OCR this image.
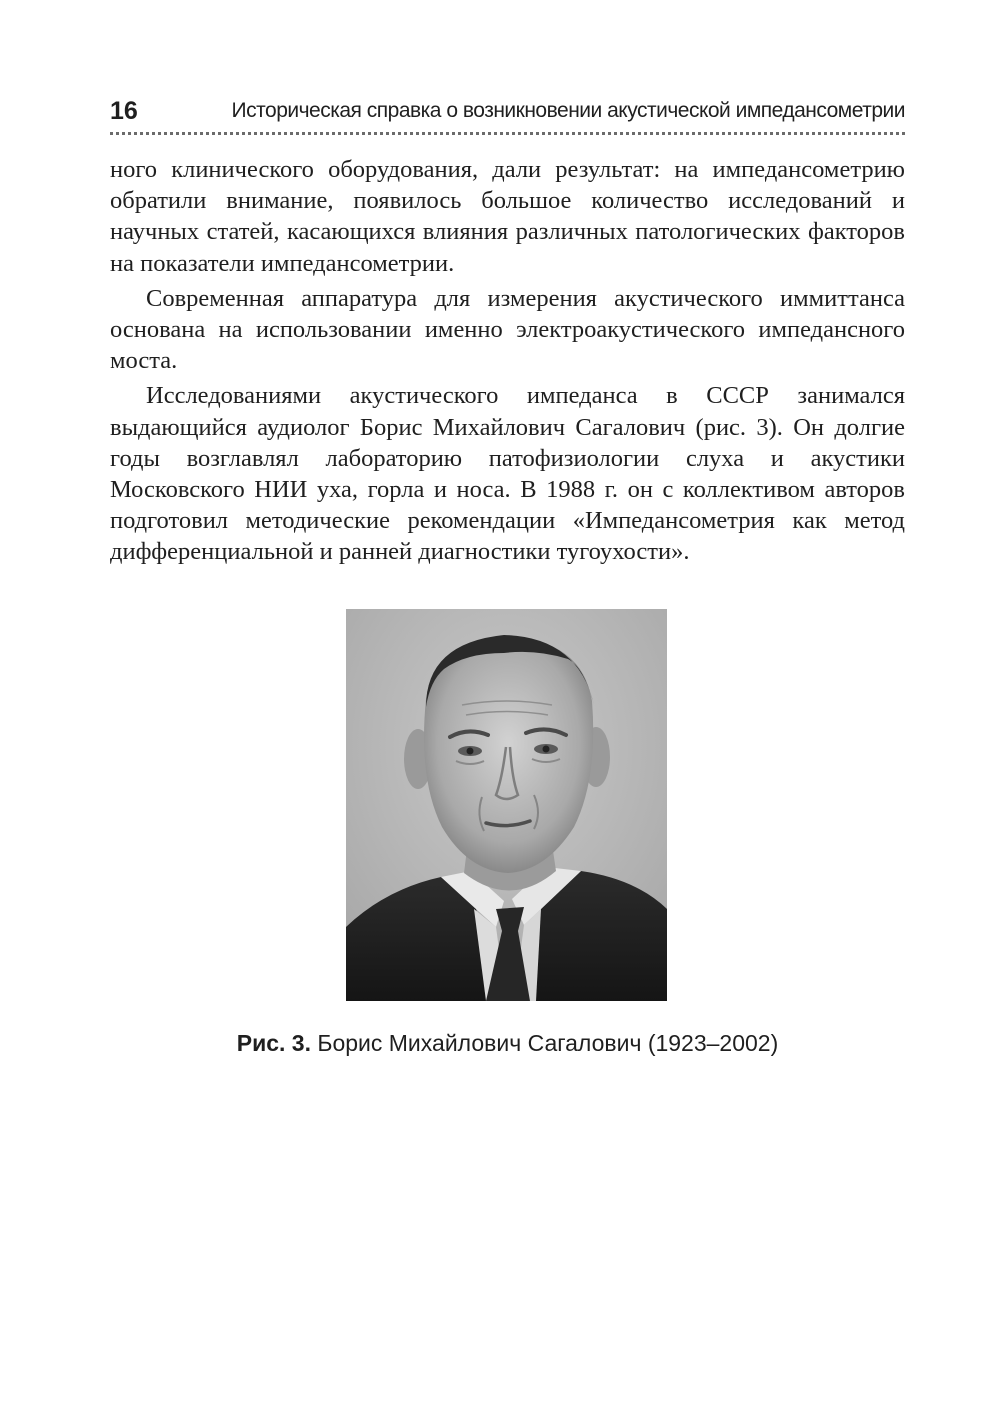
16	Историческая справка о возникновении акустической импедансометрии

ного клинического оборудования, дали результат: на импедансометрию обратили внимание, появилось большое количество исследований и научных статей, касающихся влияния различных патологических факторов на показатели импедансометрии.

Современная аппаратура для измерения акустического иммиттанса основана на использовании именно электроакустического импедансного моста.

Исследованиями акустического импеданса в СССР занимался выдающийся аудиолог Борис Михайлович Сагалович (рис. 3). Он долгие годы возглавлял лабораторию патофизиологии слуха и акустики Московского НИИ уха, горла и носа. В 1988 г. он с коллективом авторов подготовил методические рекомендации «Импедансометрия как метод дифференциальной и ранней диагностики тугоухости».

Рис. 3. Борис Михайлович Сагалович (1923–2002)
